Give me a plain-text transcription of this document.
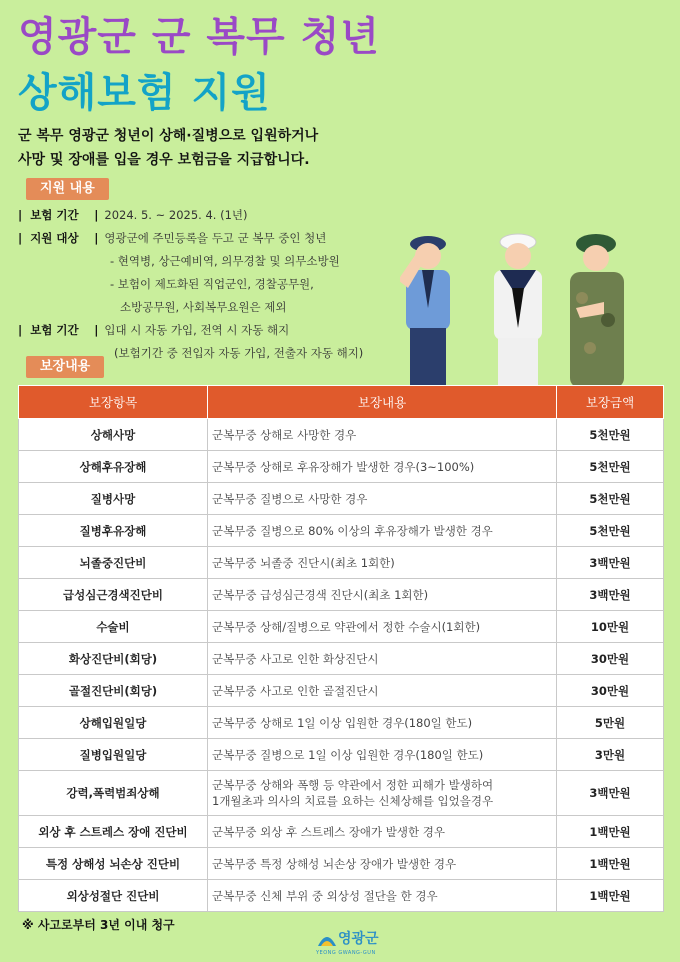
영광군 군 복무 청년
상해보험 지원
군 복무 영광군 청년이 상해·질병으로 입원하거나
사망 및 장애를 입을 경우 보험금을 지급합니다.
지원 내용
| 보험 기간 | 2024. 5. ~ 2025. 4. (1년)
| 지원 대상 | 영광군에 주민등록을 두고 군 복무 중인 청년
- 현역병, 상근예비역, 의무경찰 및 의무소방원
- 보험이 제도화된 직업군인, 경찰공무원,
소방공무원, 사회복무요원은 제외
| 보험 기간 | 입대 시 자동 가입, 전역 시 자동 해지
(보험기간 중 전입자 자동 가입, 전출자 자동 해지)
보장내용
보장항목	보장내용	보장금액
상해사망	군복무중 상해로 사망한 경우	5천만원
상해후유장해	군복무중 상해로 후유장해가 발생한 경우(3~100%)	5천만원
질병사망	군복무중 질병으로 사망한 경우	5천만원
질병후유장해	군복무중 질병으로 80% 이상의 후유장해가 발생한 경우	5천만원
뇌졸중진단비	군복무중 뇌졸중 진단시(최초 1회한)	3백만원
급성심근경색진단비	군복무중 급성심근경색 진단시(최초 1회한)	3백만원
수술비	군복무중 상해/질병으로 약관에서 정한 수술시(1회한)	10만원
화상진단비(회당)	군복무중 사고로 인한 화상진단시	30만원
골절진단비(회당)	군복무중 사고로 인한 골절진단시	30만원
상해입원일당	군복무중 상해로 1일 이상 입원한 경우(180일 한도)	5만원
질병입원일당	군복무중 질병으로 1일 이상 입원한 경우(180일 한도)	3만원
강력,폭력범죄상해	군복무중 상해와 폭행 등 약관에서 정한 피해가 발생하여
1개월초과 의사의 치료를 요하는 신체상해를 입었을경우	3백만원
외상 후 스트레스 장애 진단비	군복무중 외상 후 스트레스 장애가 발생한 경우	1백만원
특정 상해성 뇌손상 진단비	군복무중 특정 상해성 뇌손상 장애가 발생한 경우	1백만원
외상성절단 진단비	군복무중 신체 부위 중 외상성 절단을 한 경우	1백만원
※ 사고로부터 3년 이내 청구
영광군
YEONG GWANG-GUN
